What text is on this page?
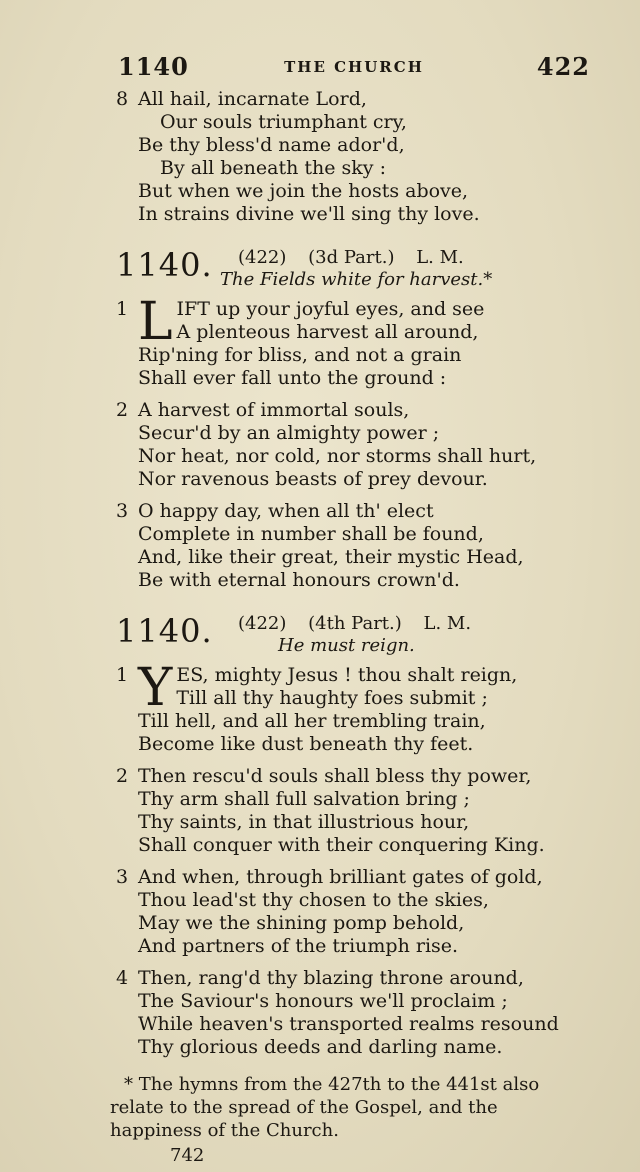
1140	THE CHURCH	422
8 All hail, incarnate Lord,
Our souls triumphant cry,
Be thy bless'd name ador'd,
By all beneath the sky :
But when we join the hosts above,
In strains divine we'll sing thy love.
1140. (422) (3d Part.) L. M.
The Fields white for harvest.*
1 L IFT up your joyful eyes, and see
A plenteous harvest all around,
Rip'ning for bliss, and not a grain
Shall ever fall unto the ground :
2 A harvest of immortal souls,
Secur'd by an almighty power ;
Nor heat, nor cold, nor storms shall hurt,
Nor ravenous beasts of prey devour.
3 O happy day, when all th' elect
Complete in number shall be found,
And, like their great, their mystic Head,
Be with eternal honours crown'd.
1140. (422) (4th Part.) L. M.
He must reign.
1 Y ES, mighty Jesus ! thou shalt reign,
Till all thy haughty foes submit ;
Till hell, and all her trembling train,
Become like dust beneath thy feet.
2 Then rescu'd souls shall bless thy power,
Thy arm shall full salvation bring ;
Thy saints, in that illustrious hour,
Shall conquer with their conquering King.
3 And when, through brilliant gates of gold,
Thou lead'st thy chosen to the skies,
May we the shining pomp behold,
And partners of the triumph rise.
4 Then, rang'd thy blazing throne around,
The Saviour's honours we'll proclaim ;
While heaven's transported realms resound
Thy glorious deeds and darling name.
* The hymns from the 427th to the 441st also relate to the spread of the Gospel, and the happiness of the Church.
742
